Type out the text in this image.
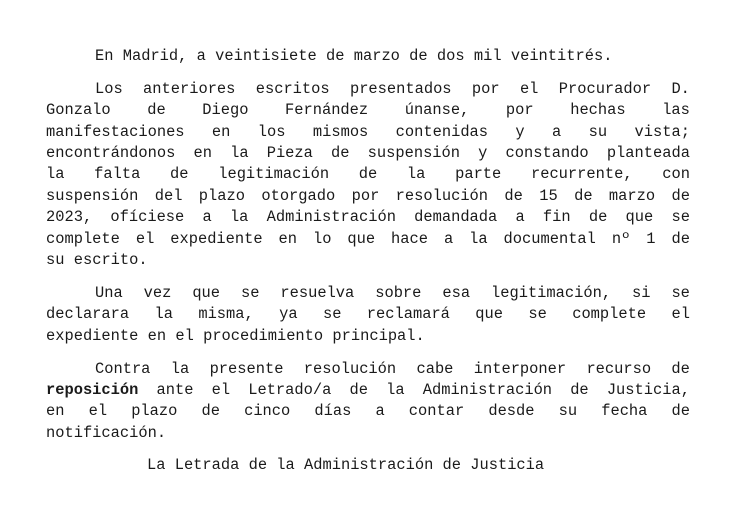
En Madrid, a veintisiete de marzo de dos mil veintitrés.
Los anteriores escritos presentados por el Procurador D.
Gonzalo de Diego Fernández únanse, por hechas las
manifestaciones en los mismos contenidas y a su vista;
encontrándonos en la Pieza de suspensión y constando planteada
la falta de legitimación de la parte recurrente, con
suspensión del plazo otorgado por resolución de 15 de marzo de
2023, ofíciese a la Administración demandada a fin de que se
complete el expediente en lo que hace a la documental nº 1 de
su escrito.
Una vez que se resuelva sobre esa legitimación, si se
declarara la misma, ya se reclamará que se complete el
expediente en el procedimiento principal.
Contra la presente resolución cabe interponer recurso de
reposición ante el Letrado/a de la Administración de Justicia,
en el plazo de cinco días a contar desde su fecha de
notificación.
La Letrada de la Administración de Justicia
